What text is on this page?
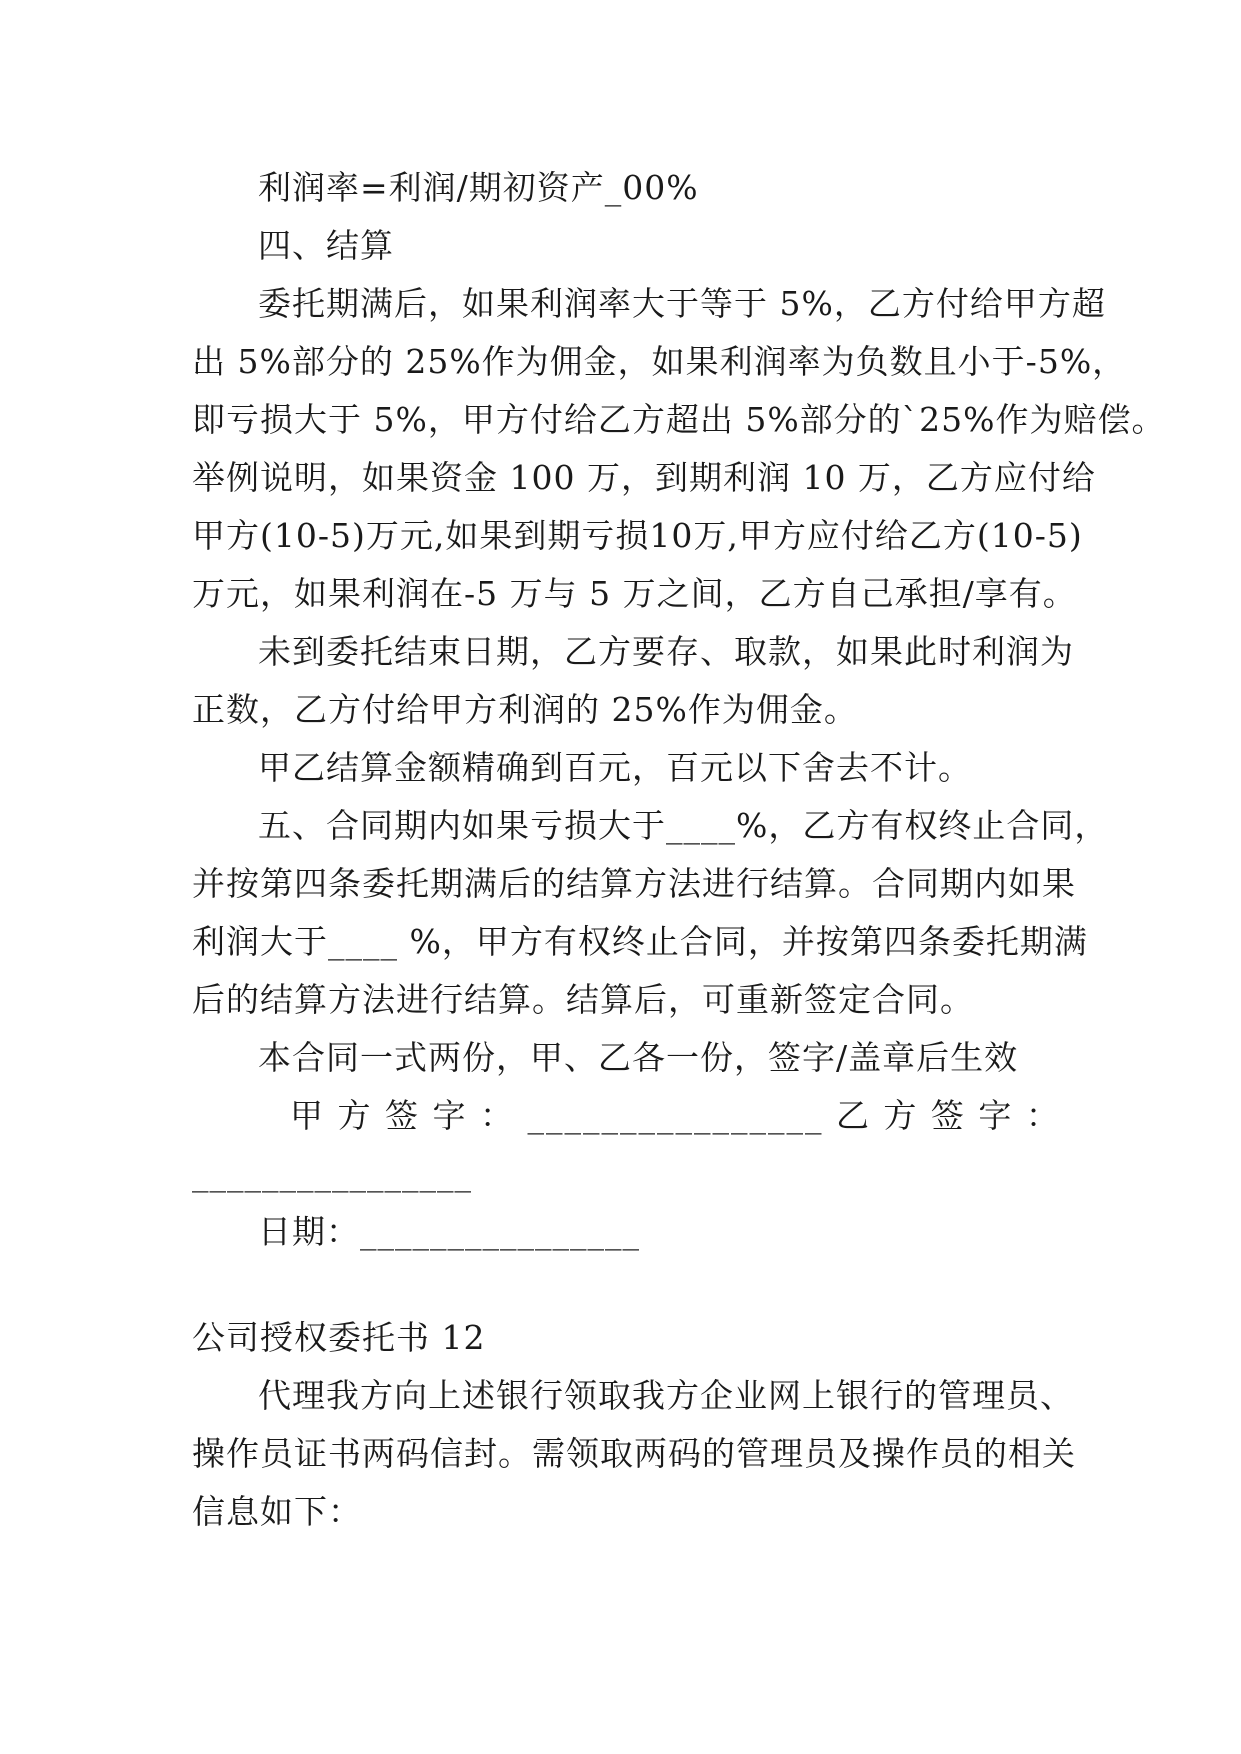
利润率=利润/期初资产_00%
四、结算
委托期满后，如果利润率大于等于 5%，乙方付给甲方超
出 5%部分的 25%作为佣金，如果利润率为负数且小于-5%，
即亏损大于 5%，甲方付给乙方超出 5%部分的`25%作为赔偿。
举例说明，如果资金 100 万，到期利润 10 万，乙方应付给
甲方(10-5)万元,如果到期亏损10万,甲方应付给乙方(10-5)
万元，如果利润在-5 万与 5 万之间，乙方自己承担/享有。
未到委托结束日期，乙方要存、取款，如果此时利润为
正数，乙方付给甲方利润的 25%作为佣金。
甲乙结算金额精确到百元，百元以下舍去不计。
五、合同期内如果亏损大于____%，乙方有权终止合同，
并按第四条委托期满后的结算方法进行结算。合同期内如果
利润大于____ %，甲方有权终止合同，并按第四条委托期满
后的结算方法进行结算。结算后，可重新签定合同。
本合同一式两份，甲、乙各一份，签字/盖章后生效
甲 方 签 字 ： ________________ 乙 方 签 字 ：
________________
日期：________________
公司授权委托书 12
代理我方向上述银行领取我方企业网上银行的管理员、
操作员证书两码信封。需领取两码的管理员及操作员的相关
信息如下：
